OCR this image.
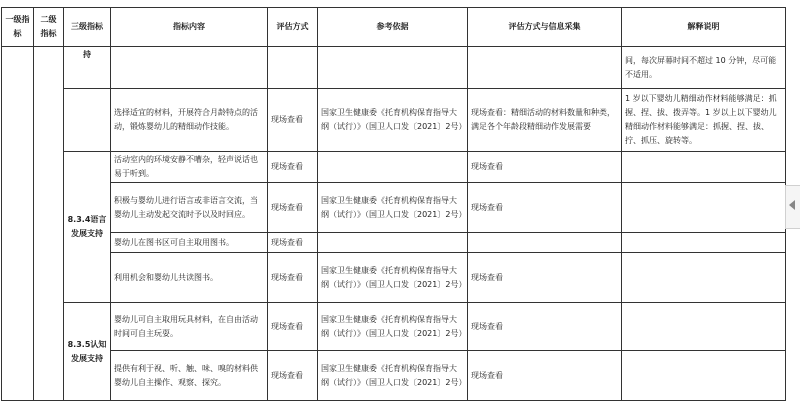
一级指标	二级指标	三级指标	指标内容	评估方式	参考依据	评估方式与信息采集	解释说明
		持					间，每次屏幕时间不超过 10 分钟，尽可能不适用。
			选择适宜的材料，开展符合月龄特点的活动，锻炼婴幼儿的精细动作技能。	现场查看	国家卫生健康委《托育机构保育指导大纲（试行）》（国卫人口发〔2021〕2号）	现场查看：精细活动的材料数量和种类，满足各个年龄段精细动作发展需要	1 岁以下婴幼儿精细动作材料能够满足：抓握、捏、拔、拨弄等。1 岁以上以下婴幼儿精细动作材料能够满足：抓握、捏、拔、拧、抓压、旋转等。
		8.3.4语言发展支持	活动室内的环境安静不嘈杂，轻声说话也易于听到。	现场查看		现场查看	
			积极与婴幼儿进行语言或非语言交流，当婴幼儿主动发起交流时予以及时回应。	现场查看	国家卫生健康委《托育机构保育指导大纲（试行）》（国卫人口发〔2021〕2号）	现场查看	
			婴幼儿在图书区可自主取用图书。	现场查看			
			利用机会和婴幼儿共读图书。	现场查看	国家卫生健康委《托育机构保育指导大纲（试行）》（国卫人口发〔2021〕2号）	现场查看	
		8.3.5认知发展支持	婴幼儿可自主取用玩具材料，在自由活动时间可自主玩耍。	现场查看	国家卫生健康委《托育机构保育指导大纲（试行）》（国卫人口发〔2021〕2号）	现场查看	
			提供有利于视、听、触、味、嗅的材料供婴幼儿自主操作、观察、探究。	现场查看	国家卫生健康委《托育机构保育指导大纲（试行）》（国卫人口发〔2021〕2号）	现场查看	
